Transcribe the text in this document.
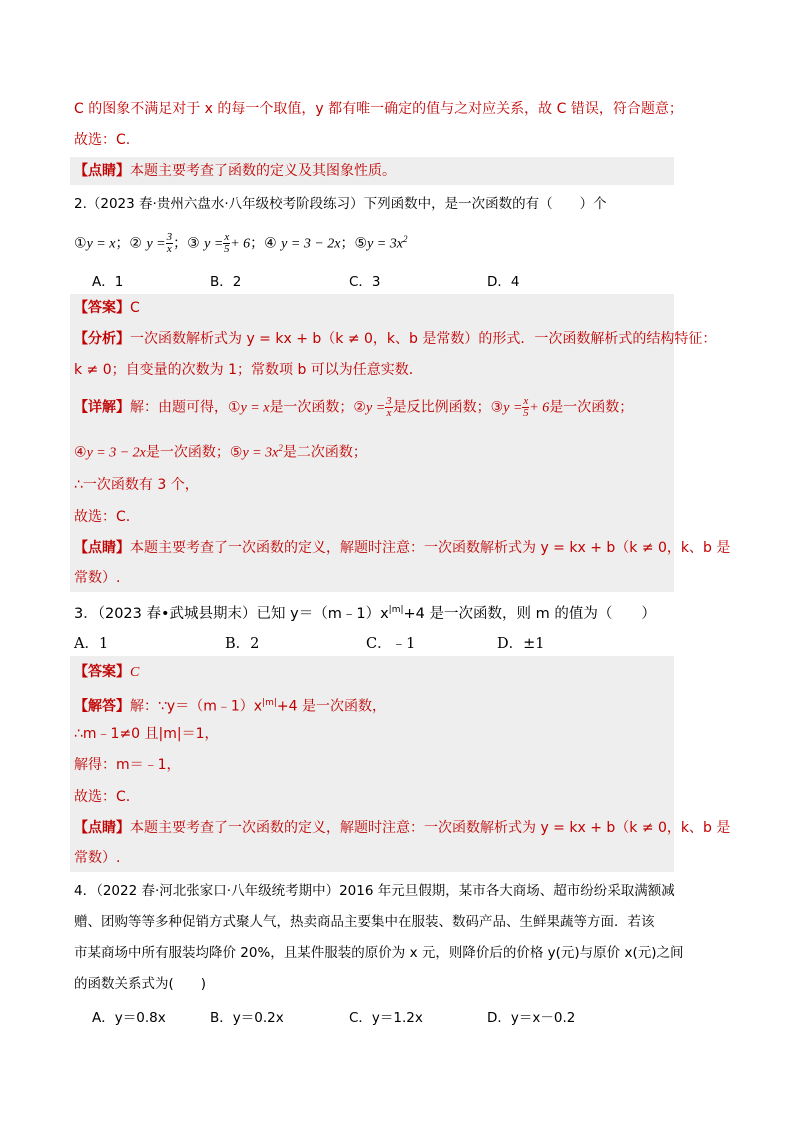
C 的图象不满足对于 x 的每一个取值，y 都有唯一确定的值与之对应关系，故 C 错误，符合题意；
故选：C.
【点睛】本题主要考查了函数的定义及其图象性质。
2.（2023 春·贵州六盘水·八年级校考阶段练习）下列函数中，是一次函数的有（　　）个
①y = x；② $y = \frac{3}{x}$ ；③ $y = \frac{x}{5} + 6$；④ y = 3 − 2x；⑤y = $3x^2$
A．1	B．2	C．3	D．4
【答案】C
【分析】一次函数解析式为 y = kx + b（k ≠ 0，k、b 是常数）的形式．一次函数解析式的结构特征：
k ≠ 0；自变量的次数为 1；常数项 b 可以为任意实数．
【详解】解：由题可得，①y = x是一次函数；②y = $\frac{3}{x}$ 是反比例函数；③y = $\frac{x}{5} + 6$是一次函数；
④y = 3 − 2x是一次函数；⑤y = $3x^2$是二次函数；
∴一次函数有 3 个，
故选：C.
【点睛】本题主要考查了一次函数的定义，解题时注意：一次函数解析式为 y = kx + b（k ≠ 0，k、b 是
常数）.
3．（2023 春•武城县期末）已知 $y=(m﹣1)x^{|m|}+4$ 是一次函数，则 m 的值为（　　）
A．1	B．2	C．﹣1	D．±1
【答案】C
【解答】解：$\because y=(m﹣1)x^{|m|}+4$ 是一次函数，
∴m﹣1≠0 且|m|＝1，
解得：m＝﹣1，
故选：C.
【点睛】本题主要考查了一次函数的定义，解题时注意：一次函数解析式为 y = kx + b（k ≠ 0，k、b 是
常数）.
4．（2022 春·河北张家口·八年级统考期中）2016 年元旦假期，某市各大商场、超市纷纷采取满额减
赠、团购等等多种促销方式聚人气，热卖商品主要集中在服装、数码产品、生鲜果蔬等方面．若该
市某商场中所有服装均降价 20%，且某件服装的原价为 x 元，则降价后的价格 y(元)与原价 x(元)之间
的函数关系式为(　　)
A．y＝0.8x	B．y＝0.2x	C．y＝1.2x	D．y＝x－0.2
